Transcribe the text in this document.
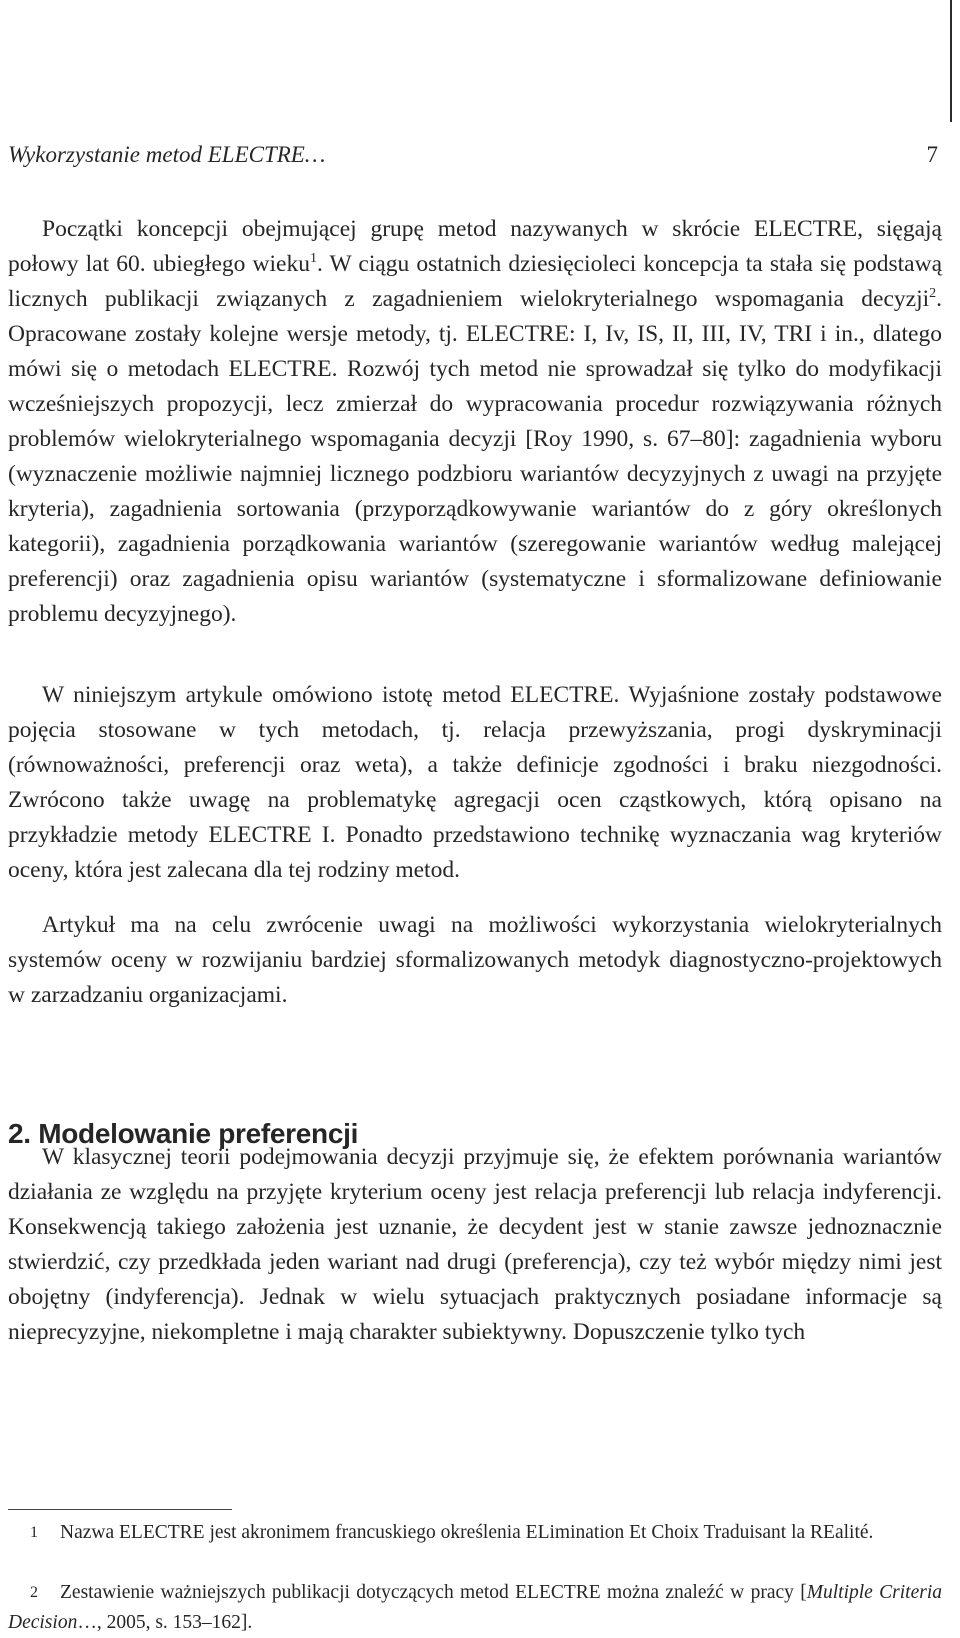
Wykorzystanie metod ELECTRE…	7

Początki koncepcji obejmującej grupę metod nazywanych w skrócie ELECTRE, sięgają połowy lat 60. ubiegłego wieku$^1$. W ciągu ostatnich dziesięcioleci koncepcja ta stała się podstawą licznych publikacji związanych z zagadnieniem wielokryterialnego wspomagania decyzji$^2$. Opracowane zostały kolejne wersje metody, tj. ELECTRE: I, Iv, IS, II, III, IV, TRI i in., dlatego mówi się o metodach ELECTRE. Rozwój tych metod nie sprowadzał się tylko do modyfikacji wcześniejszych propozycji, lecz zmierzał do wypracowania procedur rozwiązywania różnych problemów wielokryterialnego wspomagania decyzji [Roy 1990, s. 67–80]: zagadnienia wyboru (wyznaczenie możliwie najmniej licznego podzbioru wariantów decyzyjnych z uwagi na przyjęte kryteria), zagadnienia sortowania (przyporządkowywanie wariantów do z góry określonych kategorii), zagadnienia porządkowania wariantów (szeregowanie wariantów według malejącej preferencji) oraz zagadnienia opisu wariantów (systematyczne i sformalizowane definiowanie problemu decyzyjnego).

W niniejszym artykule omówiono istotę metod ELECTRE. Wyjaśnione zostały podstawowe pojęcia stosowane w tych metodach, tj. relacja przewyższania, progi dyskryminacji (równoważności, preferencji oraz weta), a także definicje zgodności i braku niezgodności. Zwrócono także uwagę na problematykę agregacji ocen cząstkowych, którą opisano na przykładzie metody ELECTRE I. Ponadto przedstawiono technikę wyznaczania wag kryteriów oceny, która jest zalecana dla tej rodziny metod.

Artykuł ma na celu zwrócenie uwagi na możliwości wykorzystania wielokryterialnych systemów oceny w rozwijaniu bardziej sformalizowanych metodyk diagnostyczno-projektowych w zarzadzaniu organizacjami.

2. Modelowanie preferencji

W klasycznej teorii podejmowania decyzji przyjmuje się, że efektem porównania wariantów działania ze względu na przyjęte kryterium oceny jest relacja preferencji lub relacja indyferencji. Konsekwencją takiego założenia jest uznanie, że decydent jest w stanie zawsze jednoznacznie stwierdzić, czy przedkłada jeden wariant nad drugi (preferencja), czy też wybór między nimi jest obojętny (indyferencja). Jednak w wielu sytuacjach praktycznych posiadane informacje są nieprecyzyjne, niekompletne i mają charakter subiektywny. Dopuszczenie tylko tych

1 Nazwa ELECTRE jest akronimem francuskiego określenia ELimination Et Choix Traduisant la REalité.

2 Zestawienie ważniejszych publikacji dotyczących metod ELECTRE można znaleźć w pracy [Multiple Criteria Decision…, 2005, s. 153–162].
